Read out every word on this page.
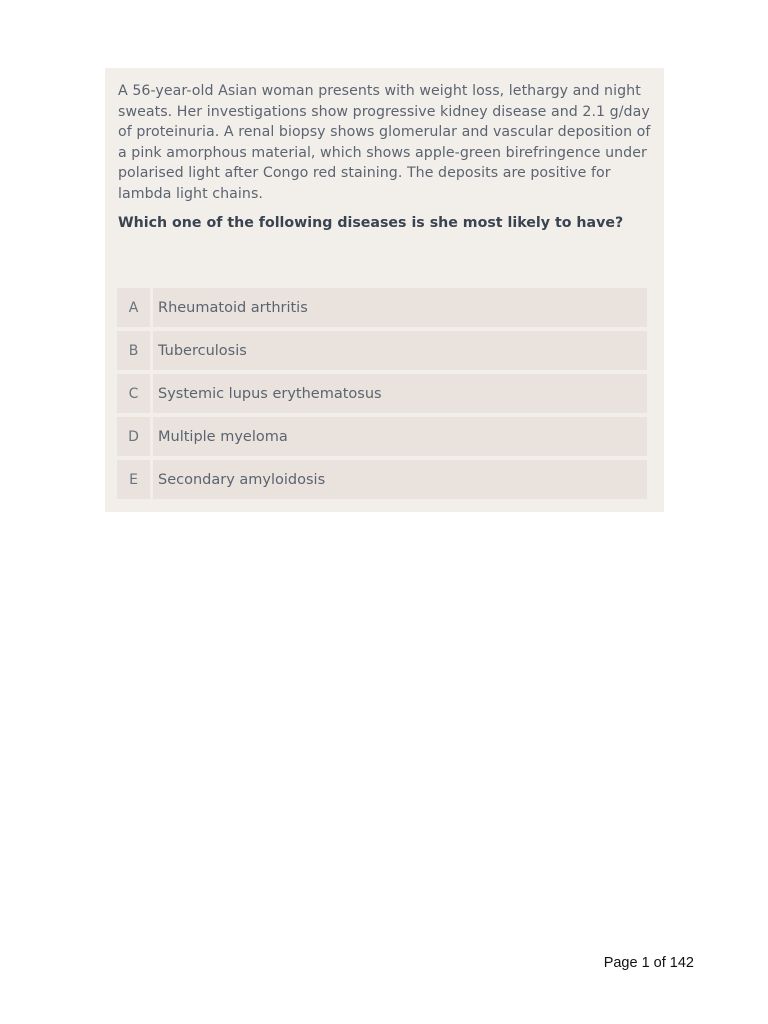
A 56-year-old Asian woman presents with weight loss, lethargy and night sweats. Her investigations show progressive kidney disease and 2.1 g/day of proteinuria. A renal biopsy shows glomerular and vascular deposition of a pink amorphous material, which shows apple-green birefringence under polarised light after Congo red staining. The deposits are positive for lambda light chains.

Which one of the following diseases is she most likely to have?

A	Rheumatoid arthritis
B	Tuberculosis
C	Systemic lupus erythematosus
D	Multiple myeloma
E	Secondary amyloidosis
Page 1 of 142
